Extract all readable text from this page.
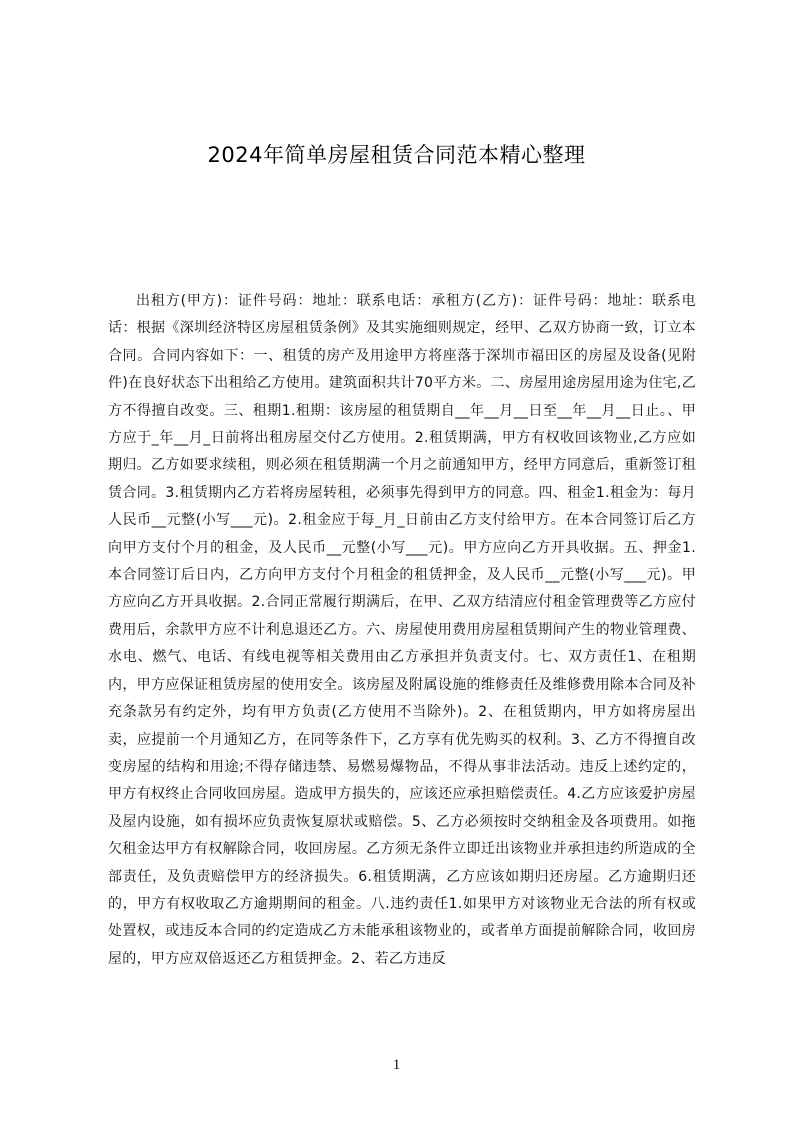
2024年简单房屋租赁合同范本精心整理
出租方(甲方)：证件号码：地址：联系电话：承租方(乙方)：证件号码：地址：联系电话：根据《深圳经济特区房屋租赁条例》及其实施细则规定，经甲、乙双方协商一致，订立本合同。合同内容如下：一、租赁的房产及用途甲方将座落于深圳市福田区的房屋及设备(见附件)在良好状态下出租给乙方使用。建筑面积共计70平方米。二、房屋用途房屋用途为住宅,乙方不得擅自改变。三、租期1.租期：该房屋的租赁期自__年__月__日至__年__月__日止。、甲方应于_年__月_日前将出租房屋交付乙方使用。2.租赁期满，甲方有权收回该物业,乙方应如期归。乙方如要求续租，则必须在租赁期满一个月之前通知甲方，经甲方同意后，重新签订租赁合同。3.租赁期内乙方若将房屋转租，必须事先得到甲方的同意。四、租金1.租金为：每月人民币__元整(小写___元)。2.租金应于每_月_日前由乙方支付给甲方。在本合同签订后乙方向甲方支付个月的租金，及人民币__元整(小写___元)。甲方应向乙方开具收据。五、押金1.本合同签订后日内，乙方向甲方支付个月租金的租赁押金，及人民币__元整(小写___元)。甲方应向乙方开具收据。2.合同正常履行期满后，在甲、乙双方结清应付租金管理费等乙方应付费用后，余款甲方应不计利息退还乙方。六、房屋使用费用房屋租赁期间产生的物业管理费、水电、燃气、电话、有线电视等相关费用由乙方承担并负责支付。七、双方责任1、在租期内，甲方应保证租赁房屋的使用安全。该房屋及附属设施的维修责任及维修费用除本合同及补充条款另有约定外，均有甲方负责(乙方使用不当除外)。2、在租赁期内，甲方如将房屋出卖，应提前一个月通知乙方，在同等条件下，乙方享有优先购买的权利。3、乙方不得擅自改变房屋的结构和用途;不得存储违禁、易燃易爆物品，不得从事非法活动。违反上述约定的，甲方有权终止合同收回房屋。造成甲方损失的，应该还应承担赔偿责任。4.乙方应该爱护房屋及屋内设施，如有损坏应负责恢复原状或赔偿。5、乙方必须按时交纳租金及各项费用。如拖欠租金达甲方有权解除合同，收回房屋。乙方须无条件立即迁出该物业并承担违约所造成的全部责任，及负责赔偿甲方的经济损失。6.租赁期满，乙方应该如期归还房屋。乙方逾期归还的，甲方有权收取乙方逾期期间的租金。八.违约责任1.如果甲方对该物业无合法的所有权或处置权，或违反本合同的约定造成乙方未能承租该物业的，或者单方面提前解除合同，收回房屋的，甲方应双倍返还乙方租赁押金。2、若乙方违反
1
